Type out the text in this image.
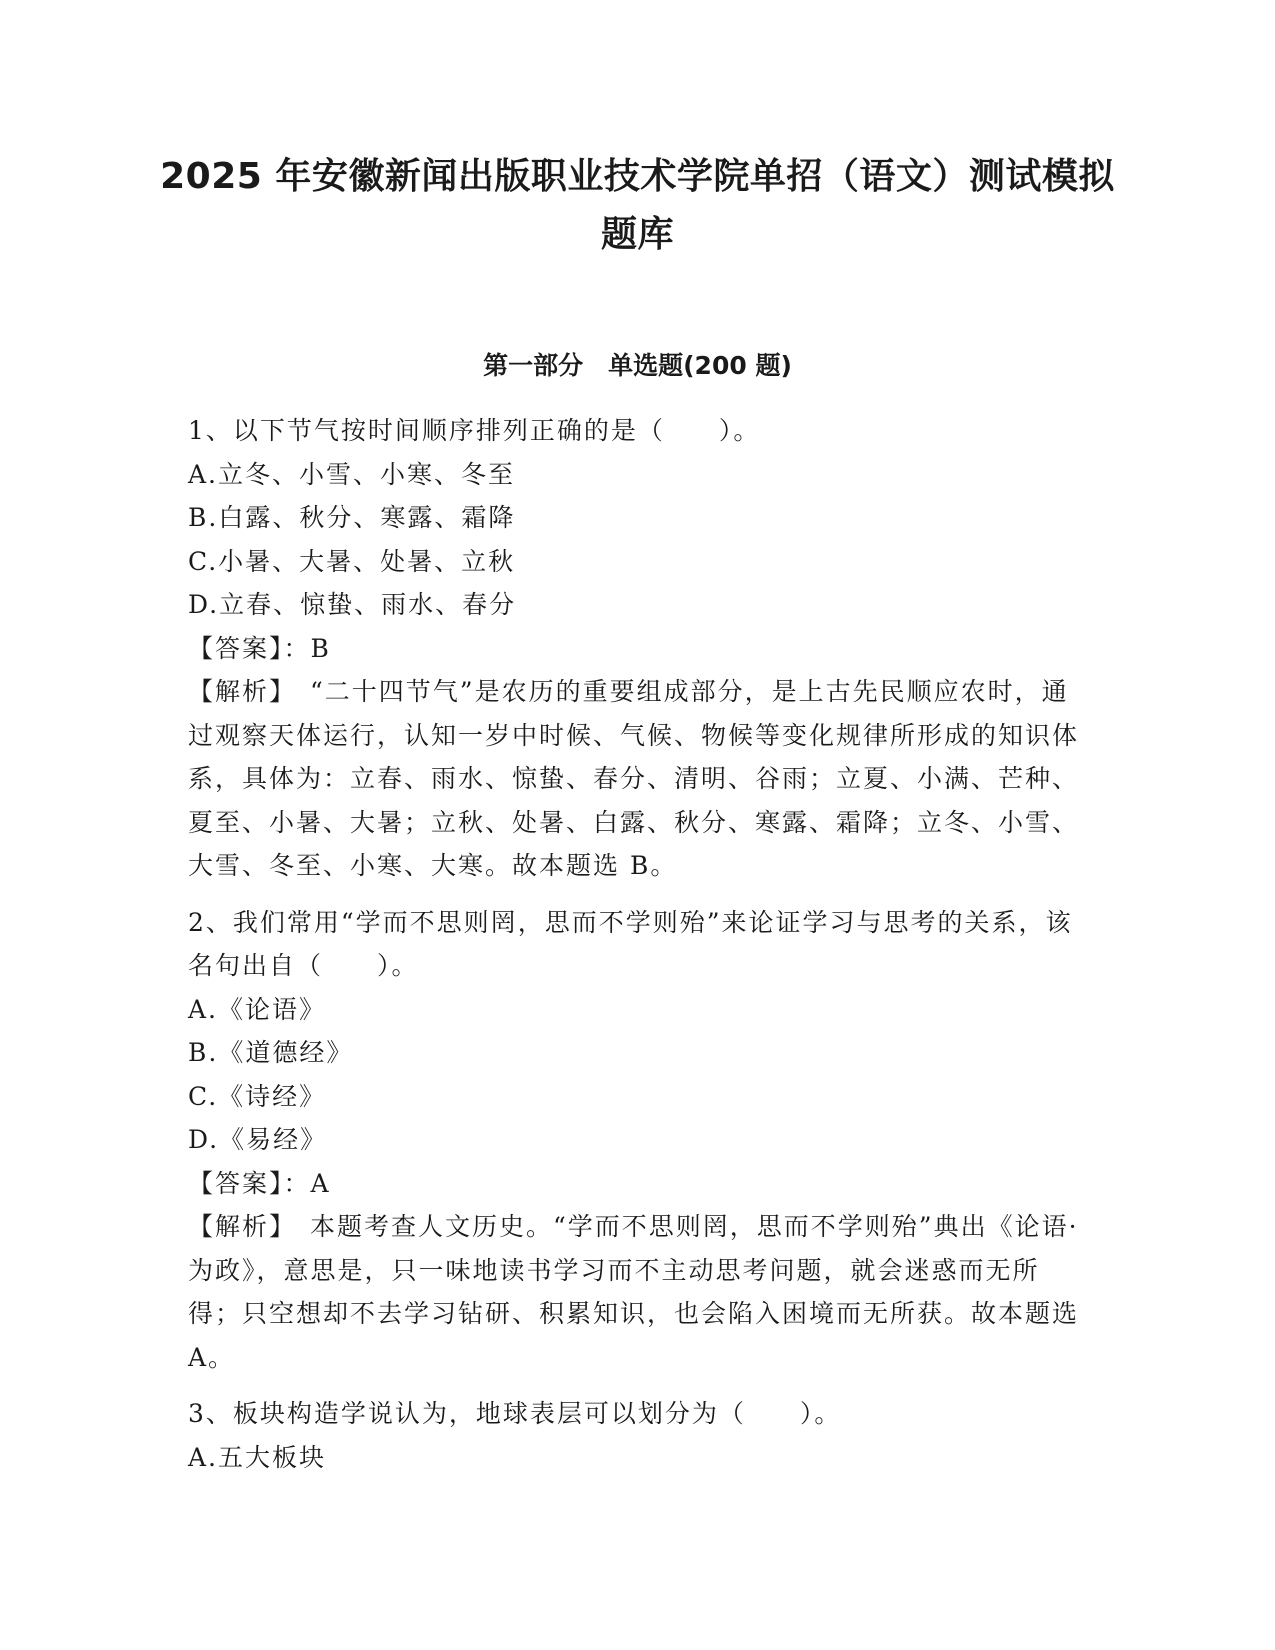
2025 年安徽新闻出版职业技术学院单招（语文）测试模拟题库
第一部分　单选题(200 题)

1、以下节气按时间顺序排列正确的是（　　）。

A.立冬、小雪、小寒、冬至

B.白露、秋分、寒露、霜降

C.小暑、大暑、处暑、立秋

D.立春、惊蛰、雨水、春分

【答案】：B

【解析】 “二十四节气”是农历的重要组成部分，是上古先民顺应农时，通过观察天体运行，认知一岁中时候、气候、物候等变化规律所形成的知识体系，具体为：立春、雨水、惊蛰、春分、清明、谷雨；立夏、小满、芒种、夏至、小暑、大暑；立秋、处暑、白露、秋分、寒露、霜降；立冬、小雪、大雪、冬至、小寒、大寒。故本题选 B。

2、我们常用“学而不思则罔，思而不学则殆”来论证学习与思考的关系，该名句出自（　　）。

A.《论语》

B.《道德经》

C.《诗经》

D.《易经》

【答案】：A

【解析】 本题考查人文历史。“学而不思则罔，思而不学则殆”典出《论语·为政》，意思是，只一味地读书学习而不主动思考问题，就会迷惑而无所得；只空想却不去学习钻研、积累知识，也会陷入困境而无所获。故本题选 A。

3、板块构造学说认为，地球表层可以划分为（　　）。

A.五大板块
